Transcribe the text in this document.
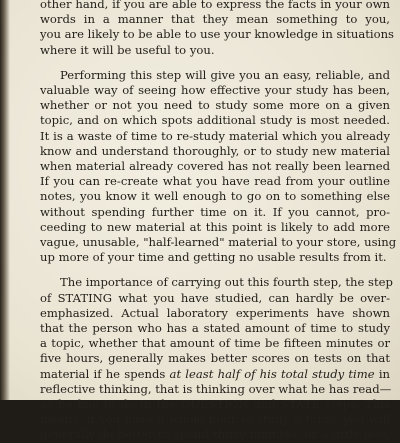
other hand, if you are able to express the facts in your own
words in a manner that they mean something to you,
you are likely to be able to use your knowledge in situations
where it will be useful to you.
Performing this step will give you an easy, reliable, and
valuable way of seeing how effective your study has been,
whether or not you need to study some more on a given
topic, and on which spots additional study is most needed.
It is a waste of time to re-study material which you already
know and understand thoroughly, or to study new material
when material already covered has not really been learned
If you can re-create what you have read from your outline
notes, you know it well enough to go on to something else
without spending further time on it. If you cannot, pro-
ceeding to new material at this point is likely to add more
vague, unusable, "half-learned" material to your store, using
up more of your time and getting no usable results from it.
The importance of carrying out this fourth step, the step
of STATING what you have studied, can hardly be over-
emphasized. Actual laboratory experiments have shown
that the person who has a stated amount of time to study
a topic, whether that amount of time be fifteen minutes or
five hours, generally makes better scores on tests on that
material if he spends at least half of his total study time in
reflective thinking, that is thinking over what he has read—
as he has to do in the QUESTION and STATE steps. This
means, if you have a whole hour to study a topic, you will
generally do better to spend thirty minutes, or a little less,
